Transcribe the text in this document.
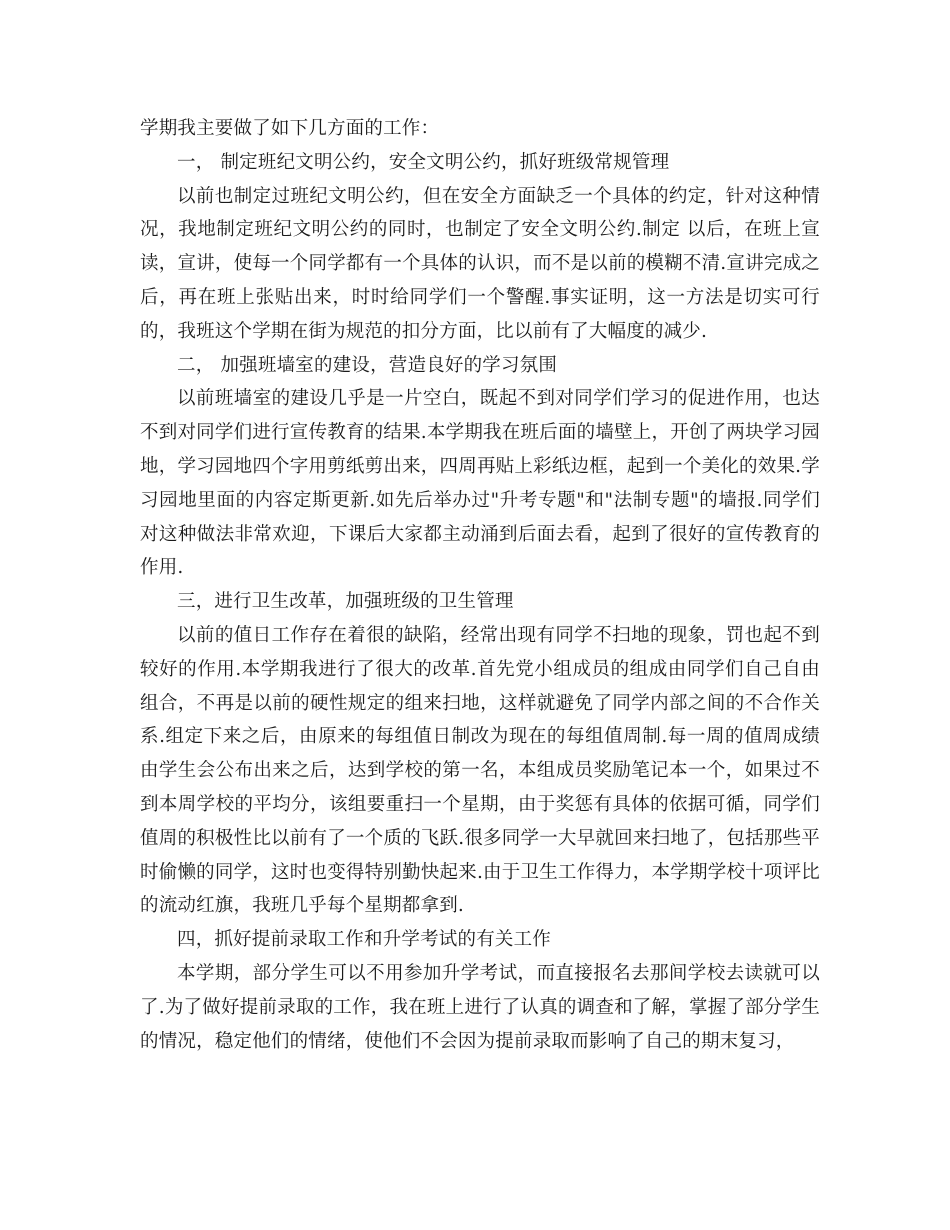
学期我主要做了如下几方面的工作：

一， 制定班纪文明公约，安全文明公约，抓好班级常规管理

以前也制定过班纪文明公约，但在安全方面缺乏一个具体的约定，针对这种情况，我地制定班纪文明公约的同时，也制定了安全文明公约.制定 以后，在班上宣读，宣讲，使每一个同学都有一个具体的认识，而不是以前的模糊不清.宣讲完成之后，再在班上张贴出来，时时给同学们一个警醒.事实证明，这一方法是切实可行的，我班这个学期在街为规范的扣分方面，比以前有了大幅度的减少.

二， 加强班墙室的建设，营造良好的学习氛围

以前班墙室的建设几乎是一片空白，既起不到对同学们学习的促进作用，也达不到对同学们进行宣传教育的结果.本学期我在班后面的墙壁上，开创了两块学习园地，学习园地四个字用剪纸剪出来，四周再贴上彩纸边框，起到一个美化的效果.学习园地里面的内容定斯更新.如先后举办过"升考专题"和"法制专题"的墙报.同学们对这种做法非常欢迎，下课后大家都主动涌到后面去看，起到了很好的宣传教育的作用.

三，进行卫生改革，加强班级的卫生管理

以前的值日工作存在着很的缺陷，经常出现有同学不扫地的现象，罚也起不到较好的作用.本学期我进行了很大的改革.首先党小组成员的组成由同学们自己自由组合，不再是以前的硬性规定的组来扫地，这样就避免了同学内部之间的不合作关系.组定下来之后，由原来的每组值日制改为现在的每组值周制.每一周的值周成绩由学生会公布出来之后，达到学校的第一名，本组成员奖励笔记本一个，如果过不到本周学校的平均分，该组要重扫一个星期，由于奖惩有具体的依据可循，同学们值周的积极性比以前有了一个质的飞跃.很多同学一大早就回来扫地了，包括那些平时偷懒的同学，这时也变得特别勤快起来.由于卫生工作得力，本学期学校十项评比的流动红旗，我班几乎每个星期都拿到.

四，抓好提前录取工作和升学考试的有关工作

本学期，部分学生可以不用参加升学考试，而直接报名去那间学校去读就可以了.为了做好提前录取的工作，我在班上进行了认真的调查和了解，掌握了部分学生的情况，稳定他们的情绪，使他们不会因为提前录取而影响了自己的期末复习，
